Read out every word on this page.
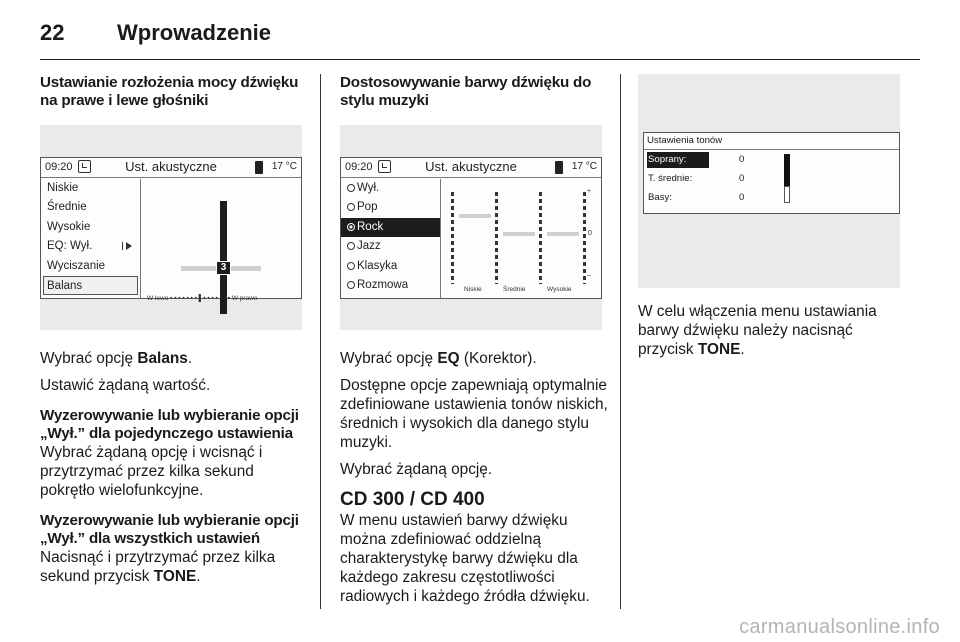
22 Wprowadzenie
Ustawianie rozłożenia mocy dźwięku na prawe i lewe głośniki
09:20	Ust. akustyczne	17 °C
Niskie
Średnie
Wysokie
EQ: Wył.
Wyciszanie
Balans
3
W lewo • • • • • • • ▌• • • • • • • W prawo

Wybrać opcję Balans.

Ustawić żądaną wartość.

Wyzerowywanie lub wybieranie opcji „Wył.” dla pojedynczego ustawienia

Wybrać żądaną opcję i wcisnąć i przytrzymać przez kilka sekund pokrętło wielofunkcyjne.

Wyzerowywanie lub wybieranie opcji „Wył.” dla wszystkich ustawień

Nacisnąć i przytrzymać przez kilka sekund przycisk TONE.

Dostosowywanie barwy dźwięku do stylu muzyki
09:20	Ust. akustyczne	17 °C
Wył.
Pop
Rock
Jazz
Klasyka
Rozmowa
+
0
–
Niskie	Średnie	Wysokie

Wybrać opcję EQ (Korektor).

Dostępne opcje zapewniają optymalnie zdefiniowane ustawienia tonów niskich, średnich i wysokich dla danego stylu muzyki.

Wybrać żądaną opcję.

CD 300 / CD 400

W menu ustawień barwy dźwięku można zdefiniować oddzielną charakterystykę barwy dźwięku dla każdego zakresu częstotliwości radiowych i każdego źródła dźwięku.

Ustawienia tonów
Soprany:	0
T. średnie:	0
Basy:	0

W celu włączenia menu ustawiania barwy dźwięku należy nacisnąć przycisk TONE.

carmanualsonline.info
